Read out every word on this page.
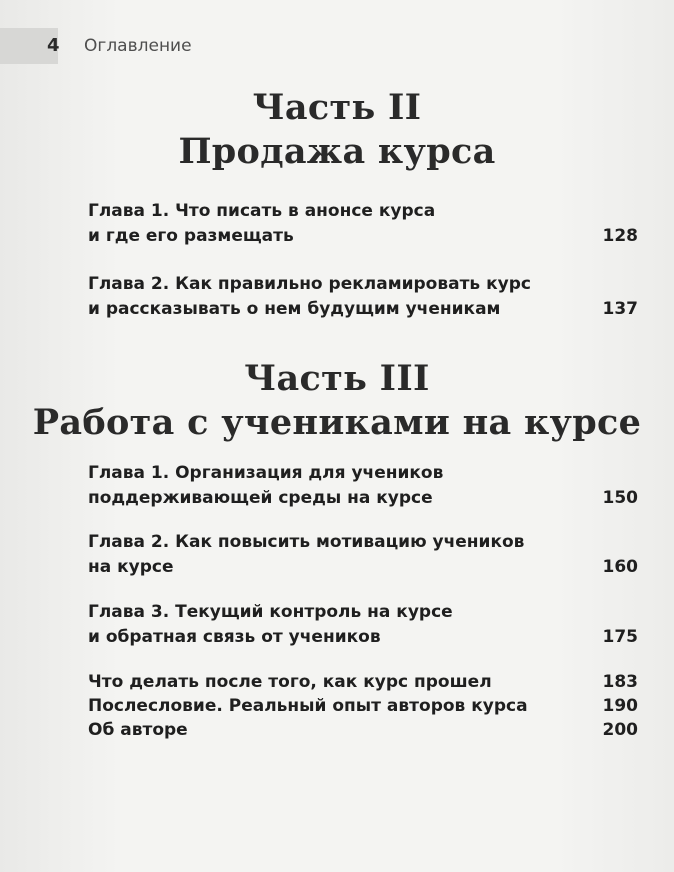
4 Оглавление
Часть II
Продажа курса
Глава 1. Что писать в анонсе курса
и где его размещать	128
Глава 2. Как правильно рекламировать курс
и рассказывать о нем будущим ученикам	137
Часть III
Работа с учениками на курсе
Глава 1. Организация для учеников
поддерживающей среды на курсе	150
Глава 2. Как повысить мотивацию учеников
на курсе	160
Глава 3. Текущий контроль на курсе
и обратная связь от учеников	175
Что делать после того, как курс прошел	183
Послесловие. Реальный опыт авторов курса	190
Об авторе	200
